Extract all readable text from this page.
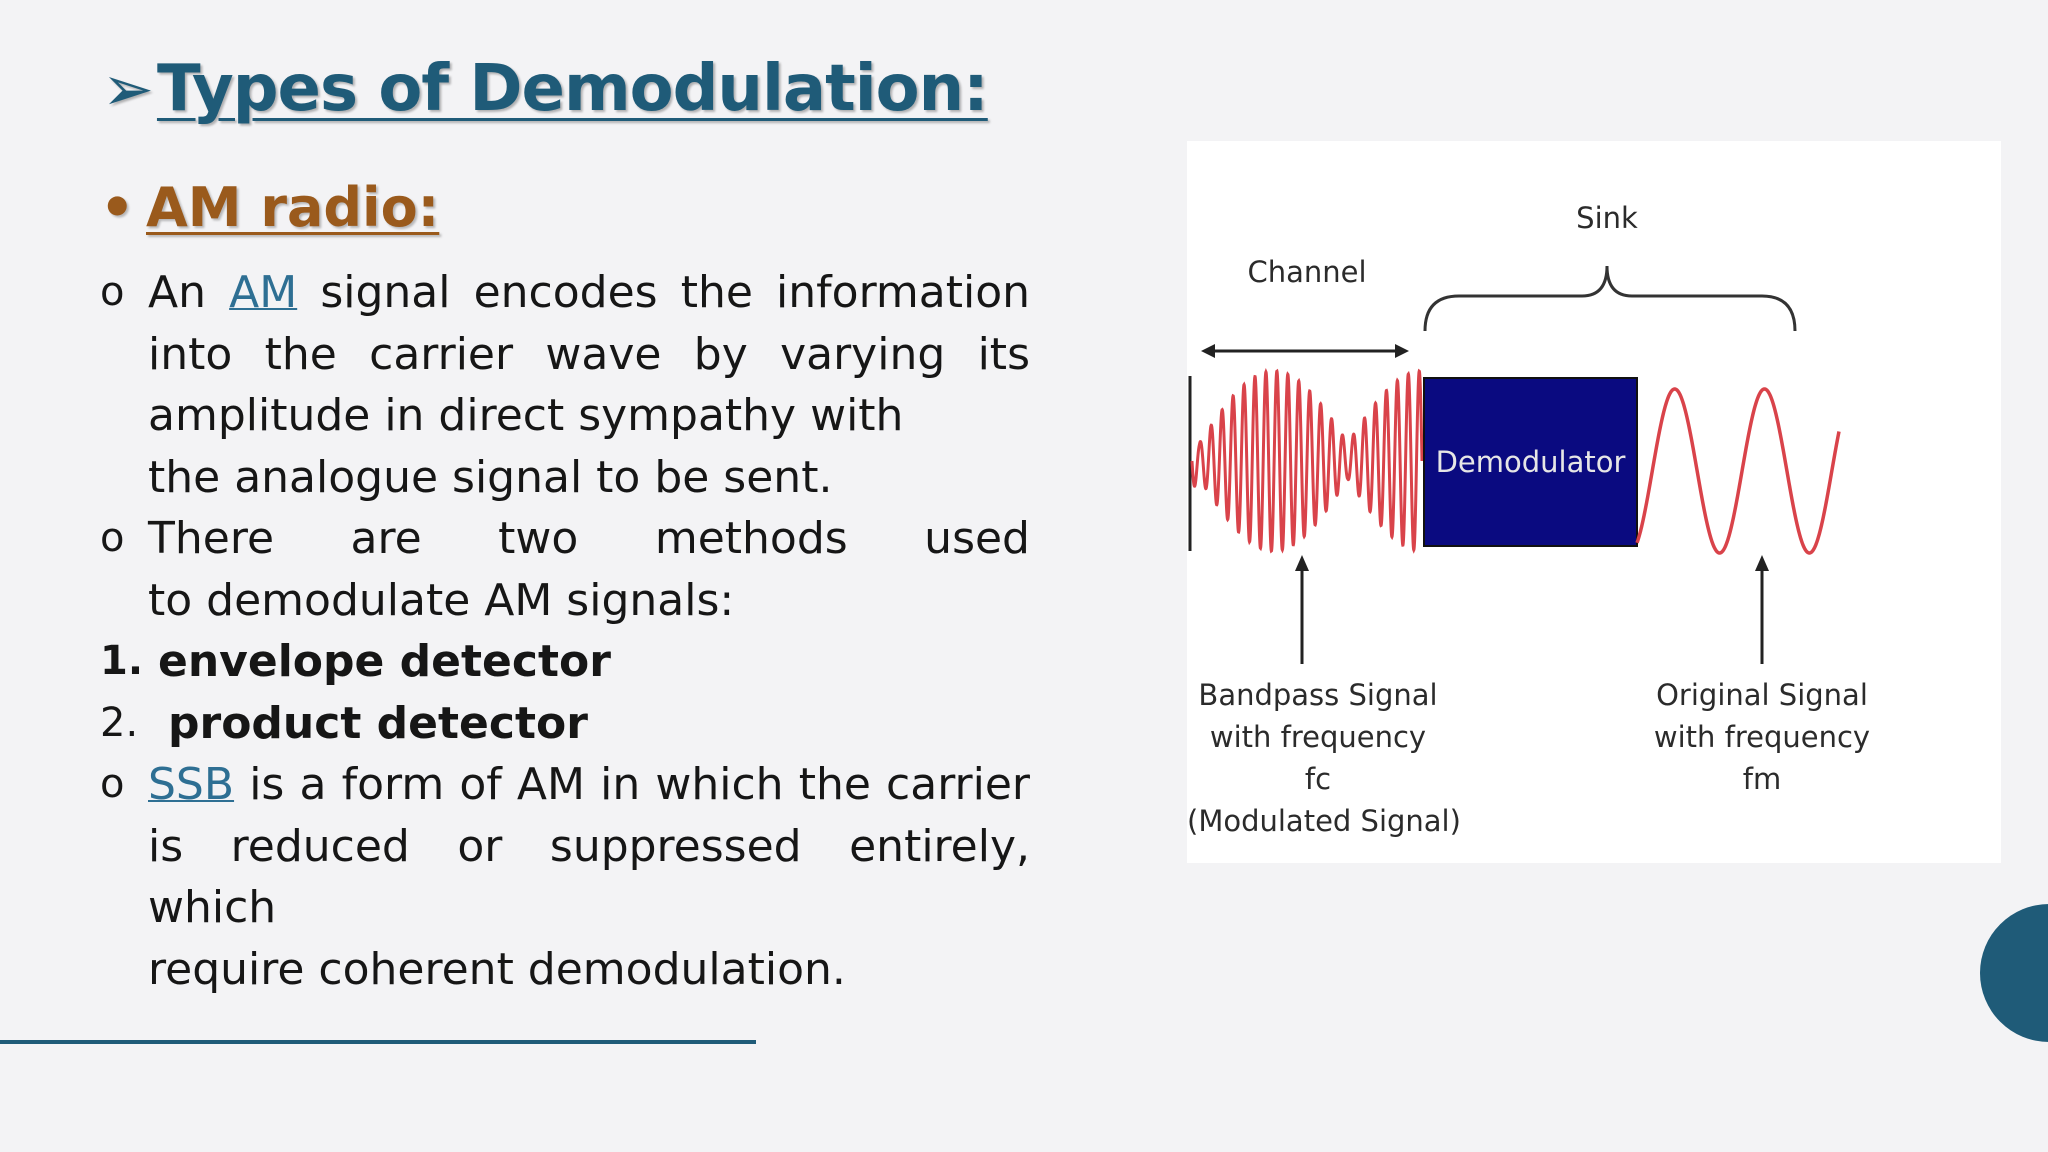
➢Types of Demodulation:
• AM radio:
o An AM signal encodes the information into the carrier wave by varying its amplitude in direct sympathy with
the analogue signal to be sent.
o There are two methods used
to demodulate AM signals:
1. envelope detector
2. product detector
o SSB is a form of AM in which the carrier is reduced or suppressed entirely, which
require coherent demodulation.
Sink
Channel
Demodulator
Bandpass Signal
with frequency
fc
(Modulated Signal)
Original Signal
with frequency
fm
